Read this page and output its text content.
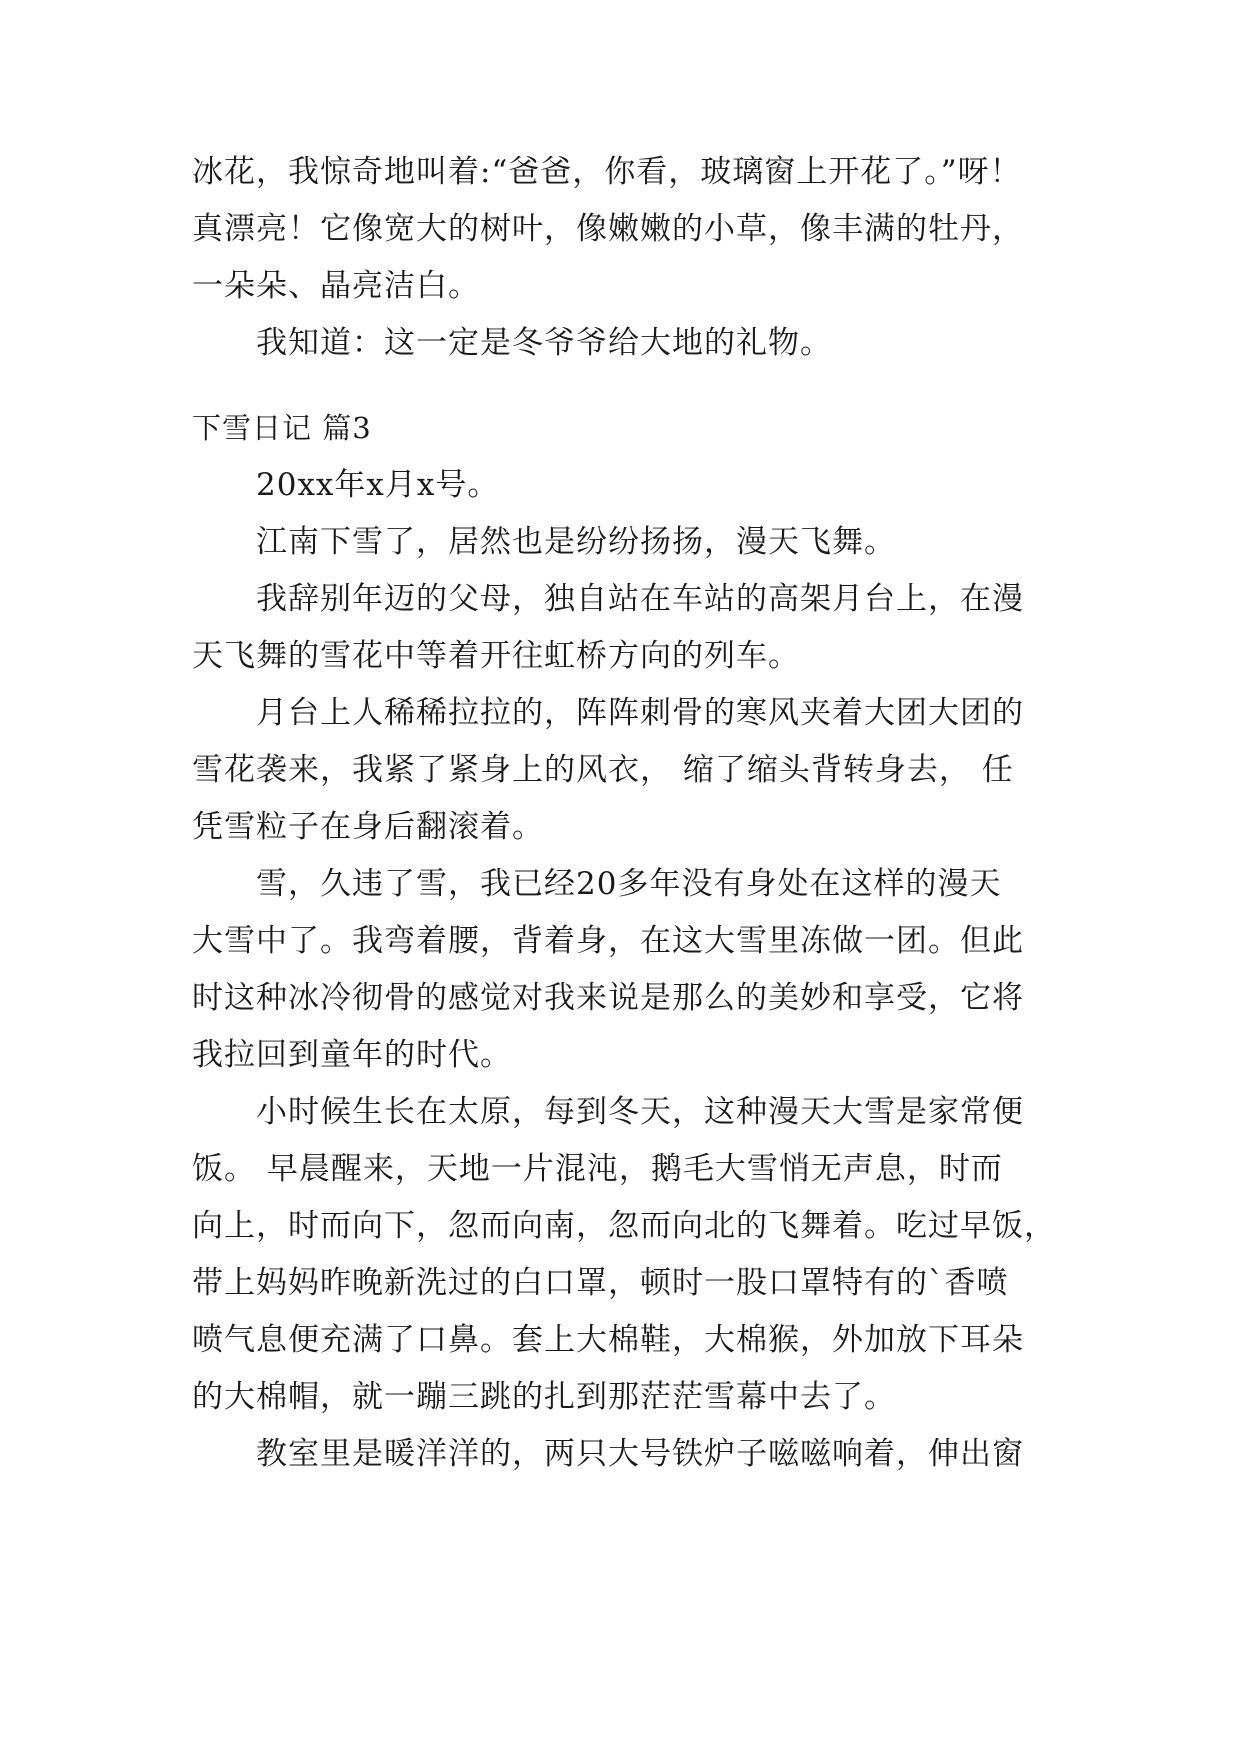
冰花，我惊奇地叫着:“爸爸，你看，玻璃窗上开花了。”呀！
真漂亮！它像宽大的树叶，像嫩嫩的小草，像丰满的牡丹，
一朵朵、晶亮洁白。
我知道：这一定是冬爷爷给大地的礼物。
下雪日记 篇3
20xx年x月x号。
江南下雪了，居然也是纷纷扬扬，漫天飞舞。
我辞别年迈的父母，独自站在车站的高架月台上，在漫
天飞舞的雪花中等着开往虹桥方向的列车。
月台上人稀稀拉拉的，阵阵刺骨的寒风夹着大团大团的
雪花袭来，我紧了紧身上的风衣， 缩了缩头背转身去， 任
凭雪粒子在身后翻滚着。
雪，久违了雪，我已经20多年没有身处在这样的漫天
大雪中了。我弯着腰，背着身，在这大雪里冻做一团。但此
时这种冰冷彻骨的感觉对我来说是那么的美妙和享受，它将
我拉回到童年的时代。
小时候生长在太原，每到冬天，这种漫天大雪是家常便
饭。 早晨醒来，天地一片混沌，鹅毛大雪悄无声息，时而
向上，时而向下，忽而向南，忽而向北的飞舞着。吃过早饭，
带上妈妈昨晚新洗过的白口罩，顿时一股口罩特有的`香喷
喷气息便充满了口鼻。套上大棉鞋，大棉猴，外加放下耳朵
的大棉帽，就一蹦三跳的扎到那茫茫雪幕中去了。
教室里是暖洋洋的，两只大号铁炉子嗞嗞响着，伸出窗
